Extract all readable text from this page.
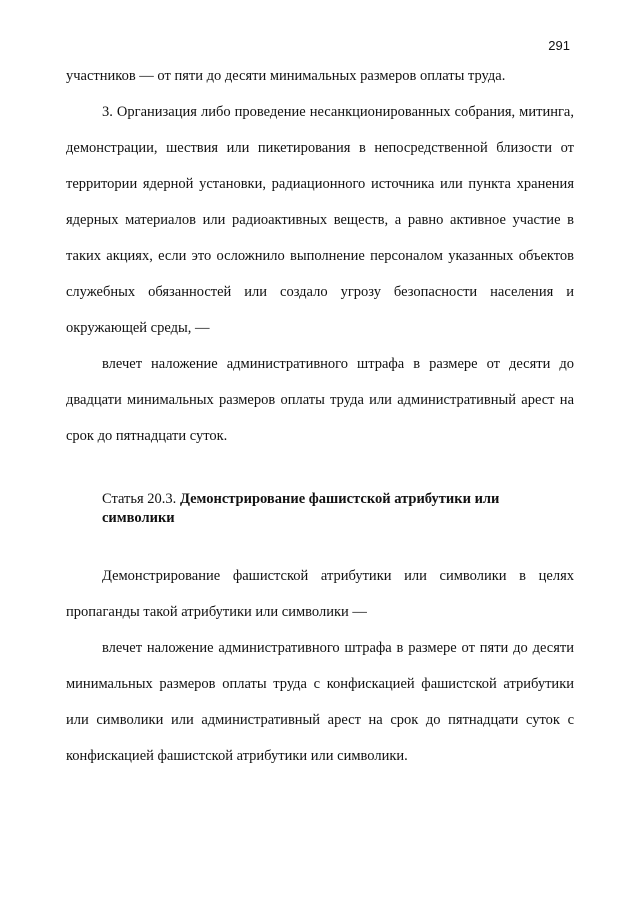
291

участников — от пяти до десяти минимальных размеров оплаты труда.

3. Организация либо проведение несанкционированных собрания, митинга, демонстрации, шествия или пикетирования в непосредственной близости от территории ядерной установки, радиационного источника или пункта хранения ядерных материалов или радиоактивных веществ, а равно активное участие в таких акциях, если это осложнило выполнение персоналом указанных объектов служебных обязанностей или создало угрозу безопасности населения и окружающей среды, —

влечет наложение административного штрафа в размере от десяти до двадцати минимальных размеров оплаты труда или административный арест на срок до пятнадцати суток.

Статья 20.3. Демонстрирование фашистской атрибутики или символики

Демонстрирование фашистской атрибутики или символики в целях пропаганды такой атрибутики или символики —

влечет наложение административного штрафа в размере от пяти до десяти минимальных размеров оплаты труда с конфискацией фашистской атрибутики или символики или административный арест на срок до пятнадцати суток с конфискацией фашистской атрибутики или символики.
